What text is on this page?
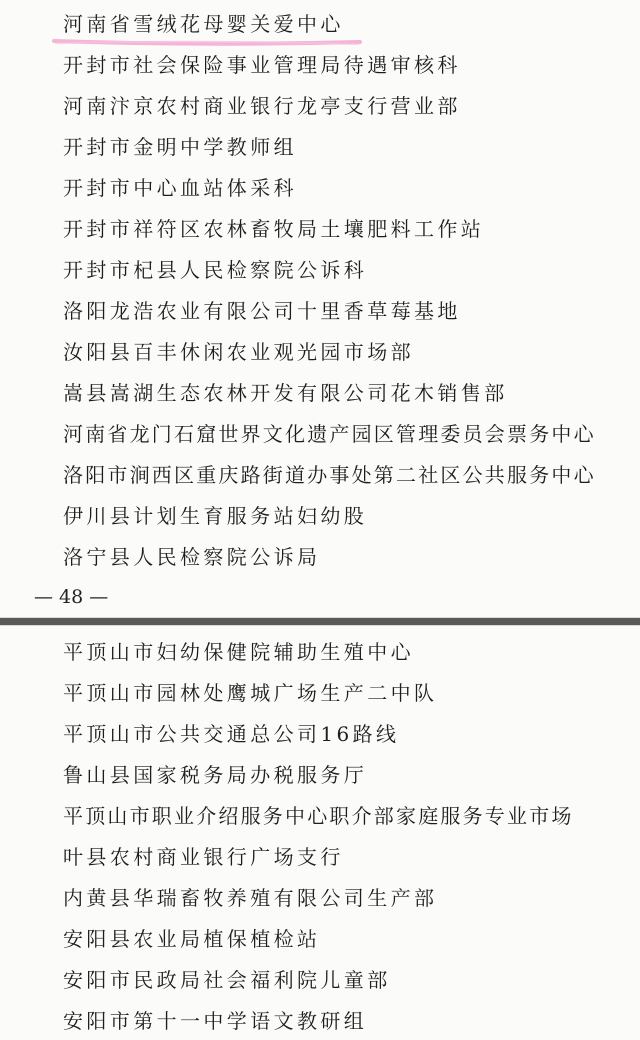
河南省雪绒花母婴关爱中心

开封市社会保险事业管理局待遇审核科

河南汴京农村商业银行龙亭支行营业部

开封市金明中学教师组

开封市中心血站体采科

开封市祥符区农林畜牧局土壤肥料工作站

开封市杞县人民检察院公诉科

洛阳龙浩农业有限公司十里香草莓基地

汝阳县百丰休闲农业观光园市场部

嵩县嵩湖生态农林开发有限公司花木销售部

河南省龙门石窟世界文化遗产园区管理委员会票务中心

洛阳市涧西区重庆路街道办事处第二社区公共服务中心

伊川县计划生育服务站妇幼股

洛宁县人民检察院公诉局

— 48 —

平顶山市妇幼保健院辅助生殖中心

平顶山市园林处鹰城广场生产二中队

平顶山市公共交通总公司16路线

鲁山县国家税务局办税服务厅

平顶山市职业介绍服务中心职介部家庭服务专业市场

叶县农村商业银行广场支行

内黄县华瑞畜牧养殖有限公司生产部

安阳县农业局植保植检站

安阳市民政局社会福利院儿童部

安阳市第十一中学语文教研组
